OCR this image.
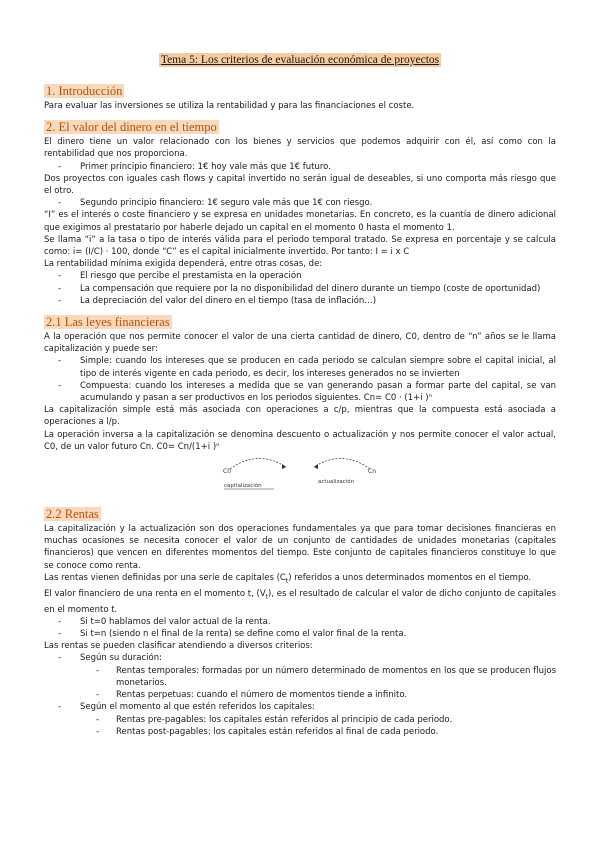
Tema 5: Los criterios de evaluación económica de proyectos
1. Introducción

Para evaluar las inversiones se utiliza la rentabilidad y para las financiaciones el coste.

2. El valor del dinero en el tiempo

El dinero tiene un valor relacionado con los bienes y servicios que podemos adquirir con él, así como con la rentabilidad que nos proporciona.

- Primer principio financiero: 1€ hoy vale más que 1€ futuro.

Dos proyectos con iguales cash flows y capital invertido no serán igual de deseables, si uno comporta más riesgo que el otro.

- Segundo principio financiero: 1€ seguro vale más que 1€ con riesgo.

“I” es el interés o coste financiero y se expresa en unidades monetarias. En concreto, es la cuantía de dinero adicional que exigimos al prestatario por haberle dejado un capital en el momento 0 hasta el momento 1.

Se llama “i” a la tasa o tipo de interés válida para el periodo temporal tratado. Se expresa en porcentaje y se calcula como: i= (I/C) · 100, donde “C” es el capital inicialmente invertido. Por tanto: I = i x C

La rentabilidad mínima exigida dependerá, entre otras cosas, de:

- El riesgo que percibe el prestamista en la operación
- La compensación que requiere por la no disponibilidad del dinero durante un tiempo (coste de oportunidad)
- La depreciación del valor del dinero en el tiempo (tasa de inflación…)
2.1 Las leyes financieras

A la operación que nos permite conocer el valor de una cierta cantidad de dinero, C0, dentro de “n” años se le llama capitalización y puede ser:

- Simple: cuando los intereses que se producen en cada periodo se calculan siempre sobre el capital inicial, al tipo de interés vigente en cada periodo, es decir, los intereses generados no se invierten
- Compuesta: cuando los intereses a medida que se van generando pasan a formar parte del capital, se van acumulando y pasan a ser productivos en los periodos siguientes. Cn= C0 · (1+i )ⁿ

La capitalización simple está más asociada con operaciones a c/p, mientras que la compuesta está asociada a operaciones a l/p.

La operación inversa a la capitalización se denomina descuento o actualización y nos permite conocer el valor actual, C0, de un valor futuro Cn. C0= Cn/(1+i )ⁿ

C0	Cn
capitalización
actualización
2.2 Rentas

La capitalización y la actualización son dos operaciones fundamentales ya que para tomar decisiones financieras en muchas ocasiones se necesita conocer el valor de un conjunto de cantidades de unidades monetarias (capitales financieros) que vencen en diferentes momentos del tiempo. Este conjunto de capitales financieros constituye lo que se conoce como renta.

Las rentas vienen definidas por una serie de capitales $(C_t)$ referidos a unos determinados momentos en el tiempo.

El valor financiero de una renta en el momento t, $(V_t)$, es el resultado de calcular el valor de dicho conjunto de capitales en el momento t.

- Si t=0 hablamos del valor actual de la renta.
- Si t=n (siendo n el final de la renta) se define como el valor final de la renta.

Las rentas se pueden clasificar atendiendo a diversos criterios:

- Según su duración:
- Rentas temporales: formadas por un número determinado de momentos en los que se producen flujos monetarios.
- Rentas perpetuas: cuando el número de momentos tiende a infinito.
- Según el momento al que estén referidos los capitales:
- Rentas pre-pagables: los capitales están referidos al principio de cada periodo.
- Rentas post-pagables: los capitales están referidos al final de cada periodo.
